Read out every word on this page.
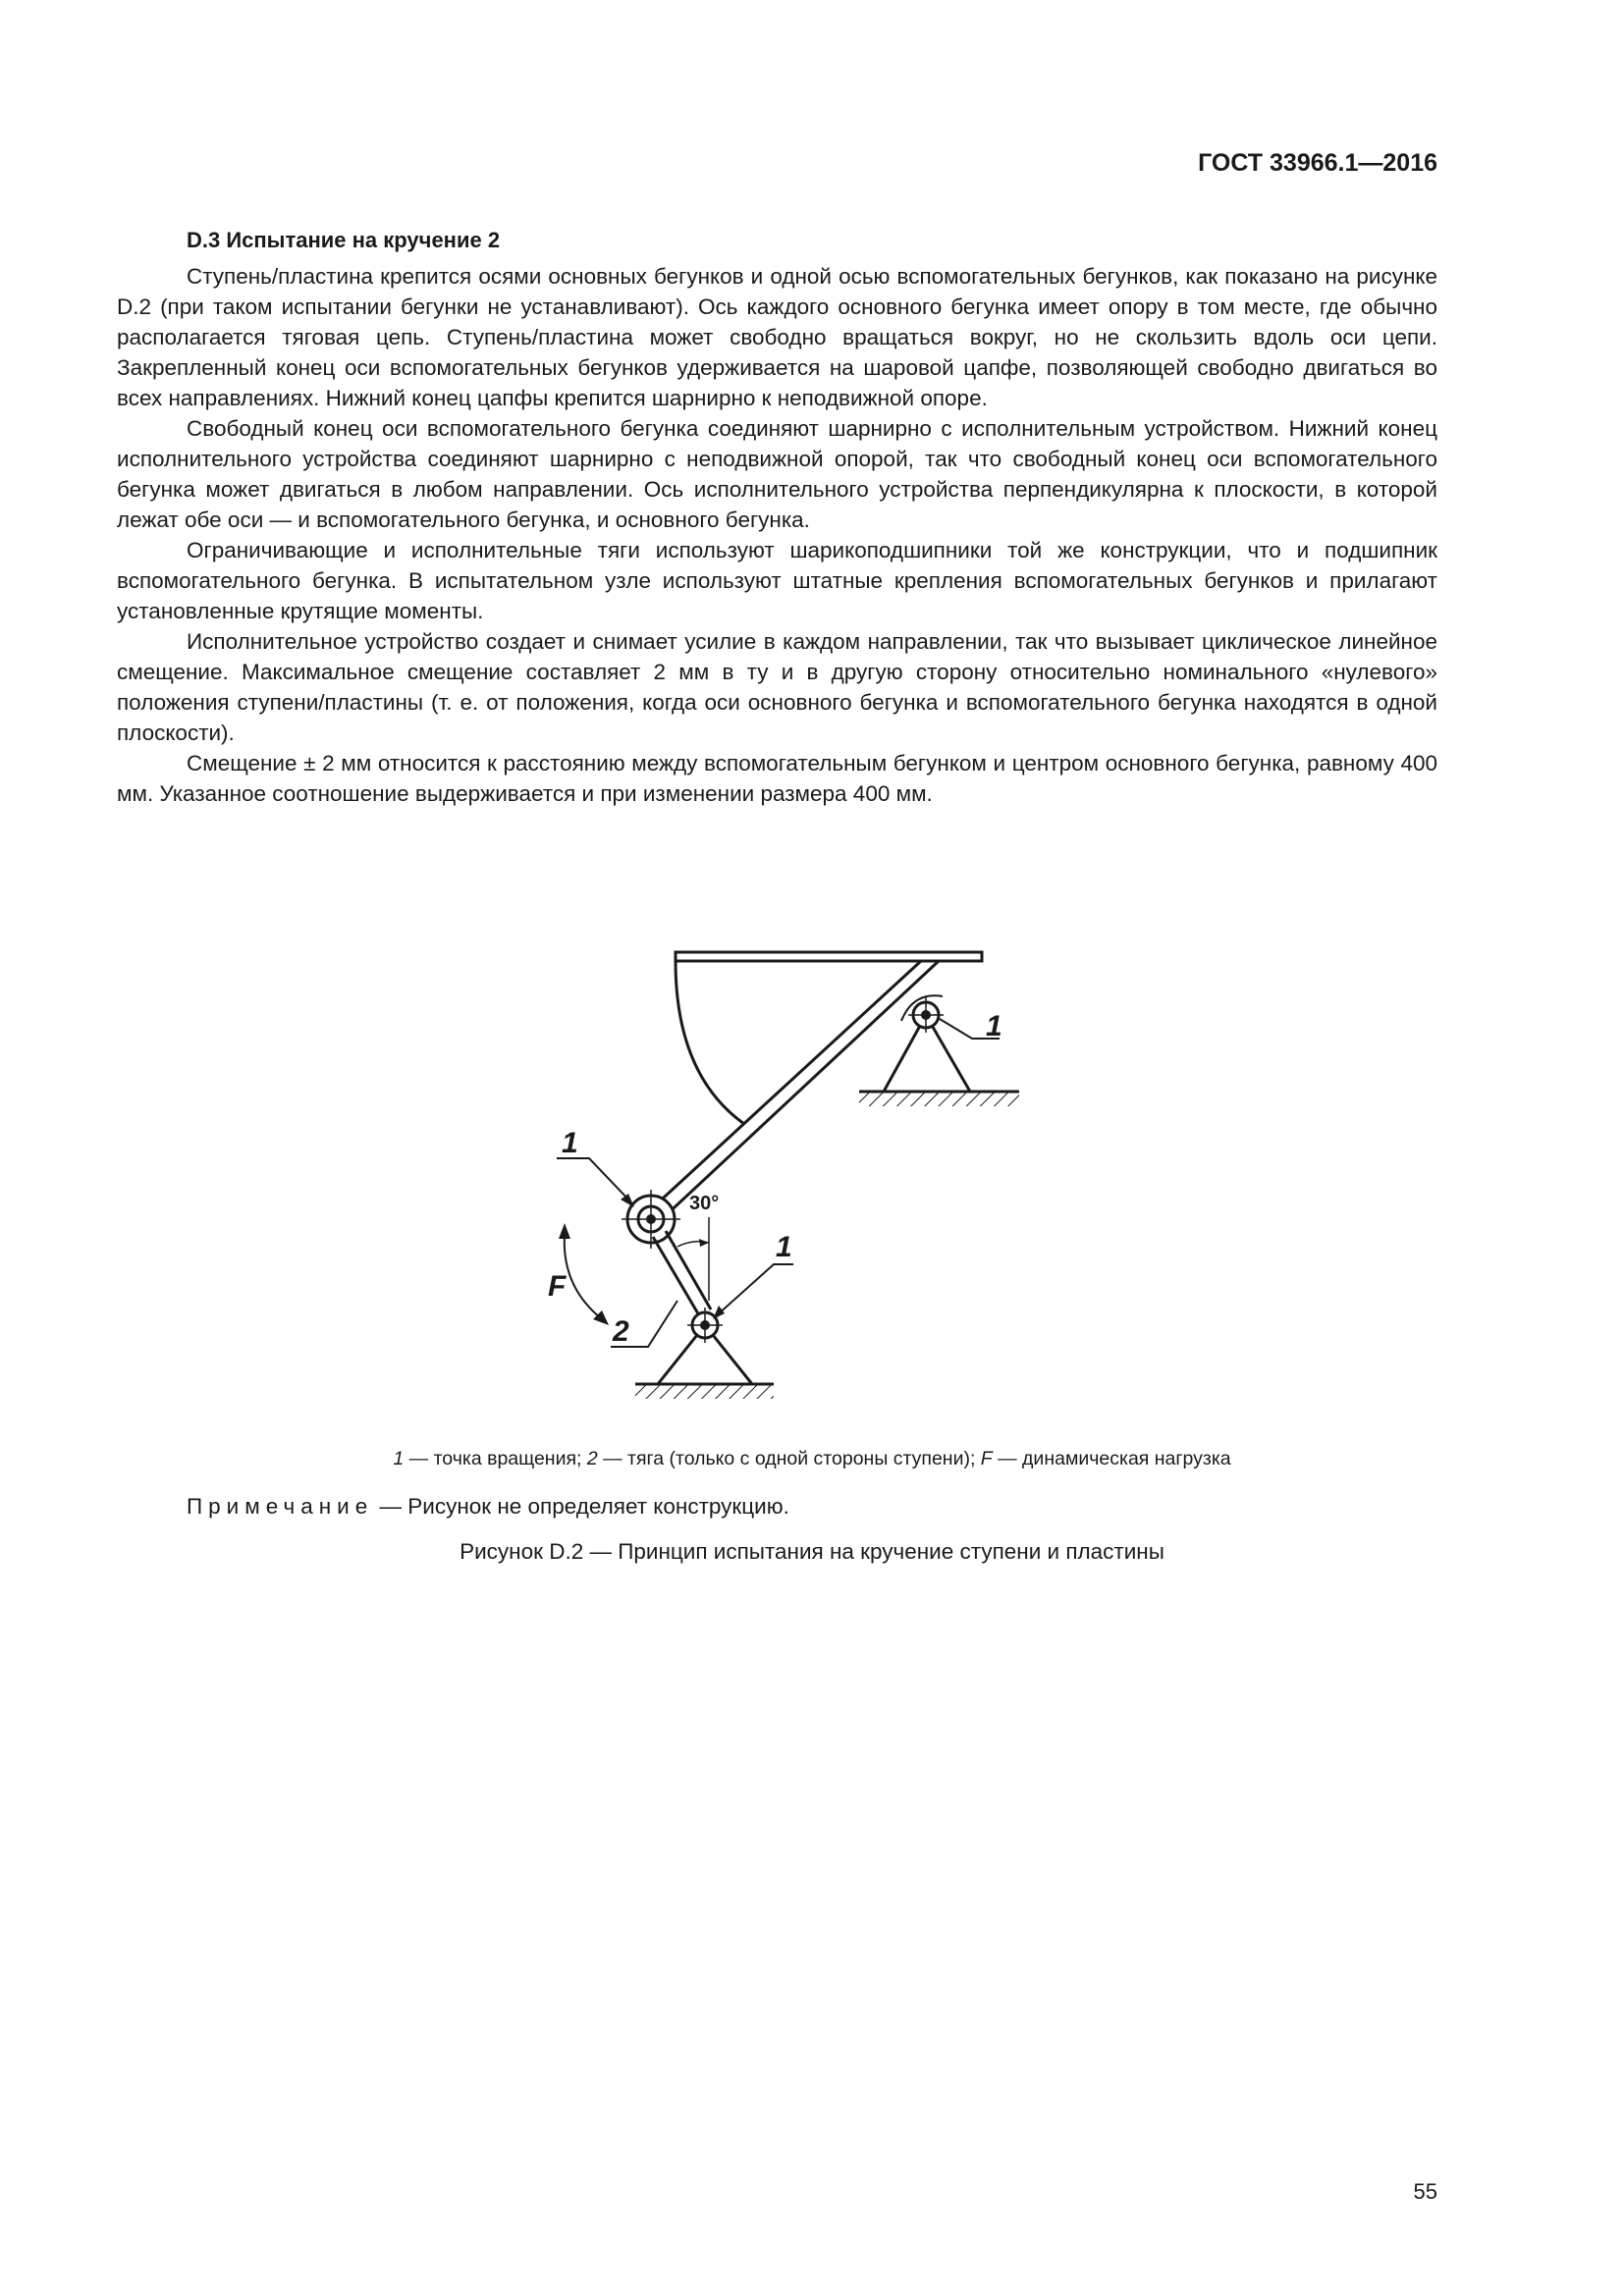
ГОСТ 33966.1—2016
D.3 Испытание на кручение 2

Ступень/пластина крепится осями основных бегунков и одной осью вспомогательных бегунков, как показано на рисунке D.2 (при таком испытании бегунки не устанавливают). Ось каждого основного бегунка имеет опору в том месте, где обычно располагается тяговая цепь. Ступень/пластина может свободно вращаться вокруг, но не скользить вдоль оси цепи. Закрепленный конец оси вспомогательных бегунков удерживается на шаровой цапфе, позволяющей свободно двигаться во всех направлениях. Нижний конец цапфы крепится шарнирно к неподвижной опоре.

Свободный конец оси вспомогательного бегунка соединяют шарнирно с исполнительным устройством. Нижний конец исполнительного устройства соединяют шарнирно с неподвижной опорой, так что свободный конец оси вспомогательного бегунка может двигаться в любом направлении. Ось исполнительного устройства перпендикулярна к плоскости, в которой лежат обе оси — и вспомогательного бегунка, и основного бегунка.

Ограничивающие и исполнительные тяги используют шарикоподшипники той же конструкции, что и подшипник вспомогательного бегунка. В испытательном узле используют штатные крепления вспомогательных бегунков и прилагают установленные крутящие моменты.

Исполнительное устройство создает и снимает усилие в каждом направлении, так что вызывает циклическое линейное смещение. Максимальное смещение составляет 2 мм в ту и в другую сторону относительно номинального «нулевого» положения ступени/пластины (т. е. от положения, когда оси основного бегунка и вспомогательного бегунка находятся в одной плоскости).

Смещение ± 2 мм относится к расстоянию между вспомогательным бегунком и центром основного бегунка, равному 400 мм. Указанное соотношение выдерживается и при изменении размера 400 мм.

30°
F
1
1
1
2
1 — точка вращения; 2 — тяга (только с одной стороны ступени); F — динамическая нагрузка
Примечание — Рисунок не определяет конструкцию.
Рисунок D.2 — Принцип испытания на кручение ступени и пластины
55
